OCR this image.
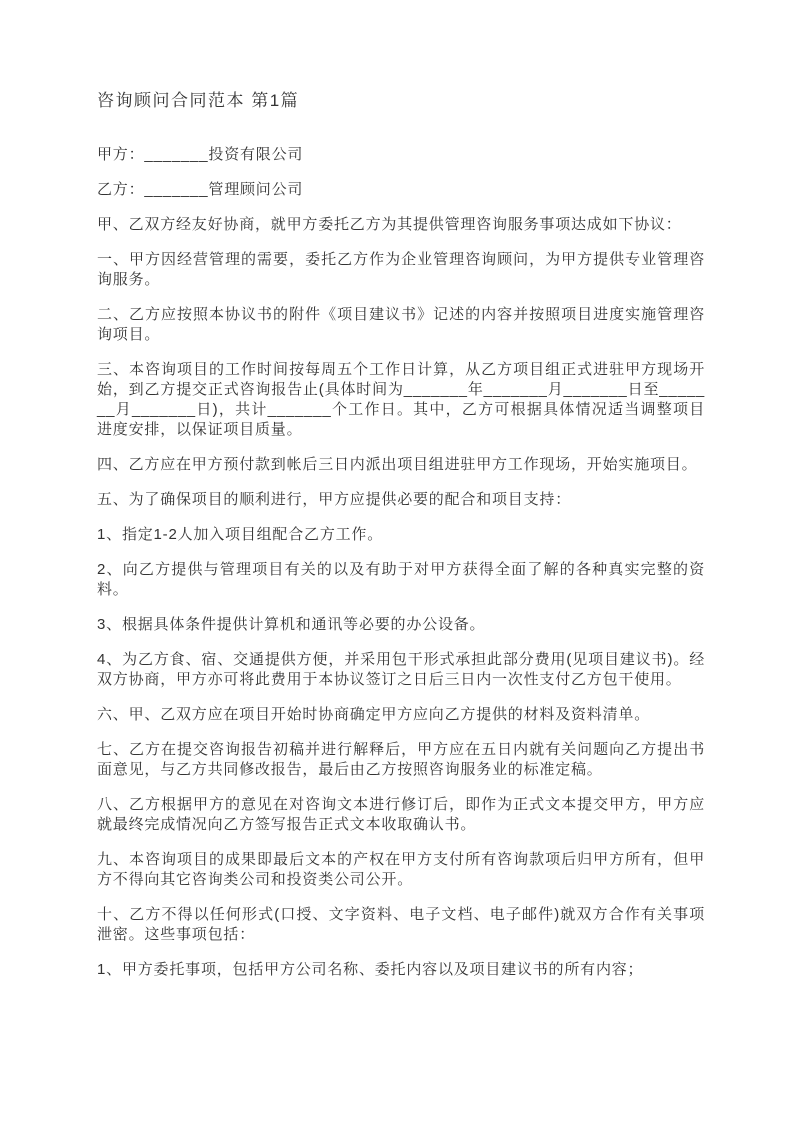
咨询顾问合同范本 第1篇

甲方：_______投资有限公司

乙方：_______管理顾问公司

甲、乙双方经友好协商，就甲方委托乙方为其提供管理咨询服务事项达成如下协议：

一、甲方因经营管理的需要，委托乙方作为企业管理咨询顾问，为甲方提供专业管理咨询服务。

二、乙方应按照本协议书的附件《项目建议书》记述的内容并按照项目进度实施管理咨询项目。

三、本咨询项目的工作时间按每周五个工作日计算，从乙方项目组正式进驻甲方现场开始，到乙方提交正式咨询报告止(具体时间为_______年_______月_______日至_______月_______日)，共计_______个工作日。其中，乙方可根据具体情况适当调整项目进度安排，以保证项目质量。

四、乙方应在甲方预付款到帐后三日内派出项目组进驻甲方工作现场，开始实施项目。

五、为了确保项目的顺利进行，甲方应提供必要的配合和项目支持：

1、指定1-2人加入项目组配合乙方工作。

2、向乙方提供与管理项目有关的以及有助于对甲方获得全面了解的各种真实完整的资料。

3、根据具体条件提供计算机和通讯等必要的办公设备。

4、为乙方食、宿、交通提供方便，并采用包干形式承担此部分费用(见项目建议书)。经双方协商，甲方亦可将此费用于本协议签订之日后三日内一次性支付乙方包干使用。

六、甲、乙双方应在项目开始时协商确定甲方应向乙方提供的材料及资料清单。

七、乙方在提交咨询报告初稿并进行解释后，甲方应在五日内就有关问题向乙方提出书面意见，与乙方共同修改报告，最后由乙方按照咨询服务业的标准定稿。

八、乙方根据甲方的意见在对咨询文本进行修订后，即作为正式文本提交甲方，甲方应就最终完成情况向乙方签写报告正式文本收取确认书。

九、本咨询项目的成果即最后文本的产权在甲方支付所有咨询款项后归甲方所有，但甲方不得向其它咨询类公司和投资类公司公开。

十、乙方不得以任何形式(口授、文字资料、电子文档、电子邮件)就双方合作有关事项泄密。这些事项包括：

1、甲方委托事项，包括甲方公司名称、委托内容以及项目建议书的所有内容；
